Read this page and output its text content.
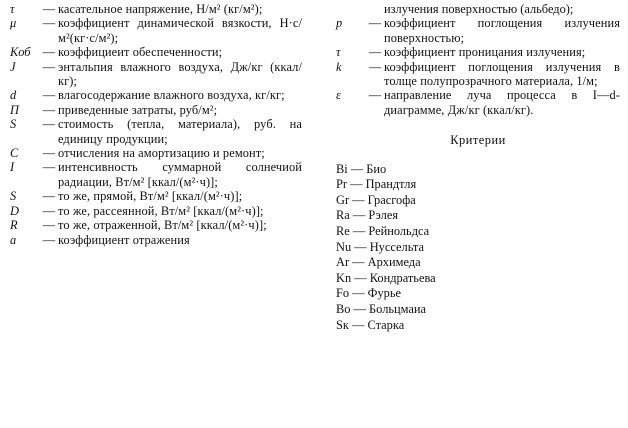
τ	— касательное напряжение, Н/м² (кг/м²);
μ	— коэффициент динамической вязкости, Н·с/м²(кг·с/м²);
Kоб — коэффициеит обеспеченности;
J	— энтальпия влажного воздуха, Дж/кг (ккал/кг);
d	— влагосодержание влажного воздуха, кг/кг;
П	— приведенные затраты, руб/м²;
S	— стоимость (тепла, материала), руб. на единицу продукции;
C	— отчисления на амортизацию и ремонт;
I	— интенсивность суммарной солнечиой радиации, Вт/м² [ккал/(м²·ч)];
S	— то же, прямой, Вт/м² [ккал/(м²·ч)];
D	— то же, рассеянной, Вт/м² [ккал/(м²·ч)];
R	— то же, отраженной, Вт/м² [ккал/(м²·ч)];
a	— коэффициент отражения
излучения поверхностью (альбедо);
p	— коэффициент поглощения излучения поверхностью;
τ	— коэффициент проницания излучения;
k	— коэффициент поглощения излучения в толще полупрозрачного материала, 1/м;
ε	— направление луча процесса в I—d-диаграмме, Дж/кг (ккал/кг).
Критерии
Bi — Био
Pr — Прандтля
Gr — Грасгофа
Ra — Рэлея
Re — Рейнольдса
Nu — Нуссельта
Ar — Архимеда
Kn — Кондратьева
Fo — Фурье
Bo — Больцмаиа
Sк — Старка
